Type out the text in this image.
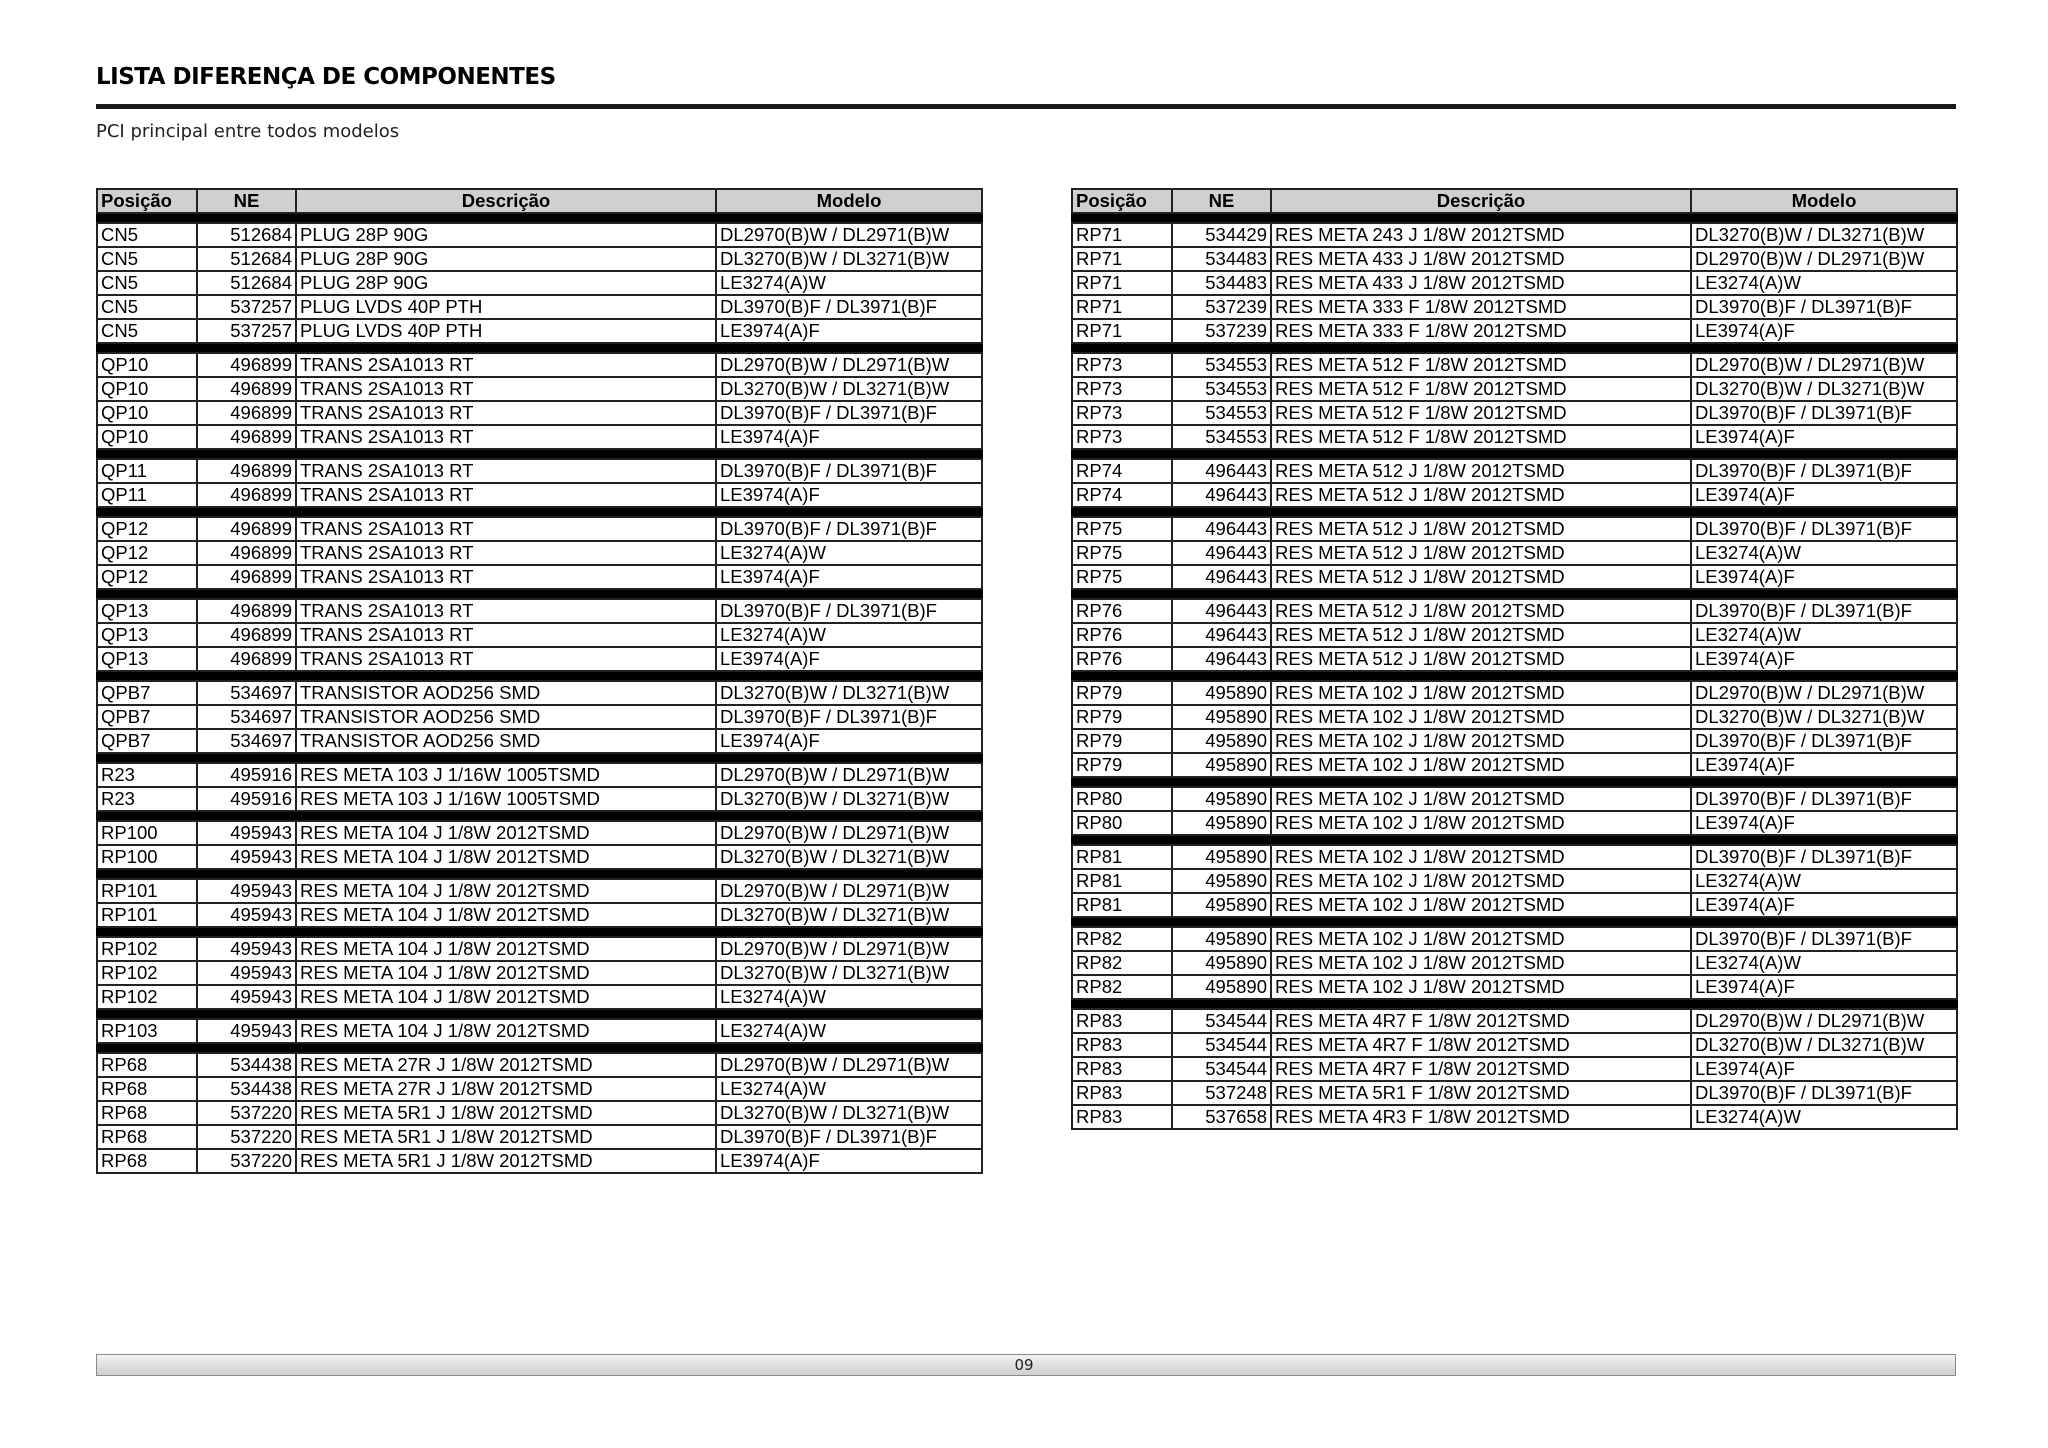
LISTA DIFERENÇA DE COMPONENTES
PCI principal entre todos modelos
Posição	NE	Descrição	Modelo

CN5	512684	PLUG 28P 90G	DL2970(B)W / DL2971(B)W
CN5	512684	PLUG 28P 90G	DL3270(B)W / DL3271(B)W
CN5	512684	PLUG 28P 90G	LE3274(A)W
CN5	537257	PLUG LVDS 40P PTH	DL3970(B)F / DL3971(B)F
CN5	537257	PLUG LVDS 40P PTH	LE3974(A)F

QP10	496899	TRANS 2SA1013 RT	DL2970(B)W / DL2971(B)W
QP10	496899	TRANS 2SA1013 RT	DL3270(B)W / DL3271(B)W
QP10	496899	TRANS 2SA1013 RT	DL3970(B)F / DL3971(B)F
QP10	496899	TRANS 2SA1013 RT	LE3974(A)F

QP11	496899	TRANS 2SA1013 RT	DL3970(B)F / DL3971(B)F
QP11	496899	TRANS 2SA1013 RT	LE3974(A)F

QP12	496899	TRANS 2SA1013 RT	DL3970(B)F / DL3971(B)F
QP12	496899	TRANS 2SA1013 RT	LE3274(A)W
QP12	496899	TRANS 2SA1013 RT	LE3974(A)F

QP13	496899	TRANS 2SA1013 RT	DL3970(B)F / DL3971(B)F
QP13	496899	TRANS 2SA1013 RT	LE3274(A)W
QP13	496899	TRANS 2SA1013 RT	LE3974(A)F

QPB7	534697	TRANSISTOR AOD256 SMD	DL3270(B)W / DL3271(B)W
QPB7	534697	TRANSISTOR AOD256 SMD	DL3970(B)F / DL3971(B)F
QPB7	534697	TRANSISTOR AOD256 SMD	LE3974(A)F

R23	495916	RES META 103 J 1/16W 1005TSMD	DL2970(B)W / DL2971(B)W
R23	495916	RES META 103 J 1/16W 1005TSMD	DL3270(B)W / DL3271(B)W

RP100	495943	RES META 104 J 1/8W 2012TSMD	DL2970(B)W / DL2971(B)W
RP100	495943	RES META 104 J 1/8W 2012TSMD	DL3270(B)W / DL3271(B)W

RP101	495943	RES META 104 J 1/8W 2012TSMD	DL2970(B)W / DL2971(B)W
RP101	495943	RES META 104 J 1/8W 2012TSMD	DL3270(B)W / DL3271(B)W

RP102	495943	RES META 104 J 1/8W 2012TSMD	DL2970(B)W / DL2971(B)W
RP102	495943	RES META 104 J 1/8W 2012TSMD	DL3270(B)W / DL3271(B)W
RP102	495943	RES META 104 J 1/8W 2012TSMD	LE3274(A)W

RP103	495943	RES META 104 J 1/8W 2012TSMD	LE3274(A)W

RP68	534438	RES META 27R J 1/8W 2012TSMD	DL2970(B)W / DL2971(B)W
RP68	534438	RES META 27R J 1/8W 2012TSMD	LE3274(A)W
RP68	537220	RES META 5R1 J 1/8W 2012TSMD	DL3270(B)W / DL3271(B)W
RP68	537220	RES META 5R1 J 1/8W 2012TSMD	DL3970(B)F / DL3971(B)F
RP68	537220	RES META 5R1 J 1/8W 2012TSMD	LE3974(A)F
Posição	NE	Descrição	Modelo

RP71	534429	RES META 243 J 1/8W 2012TSMD	DL3270(B)W / DL3271(B)W
RP71	534483	RES META 433 J 1/8W 2012TSMD	DL2970(B)W / DL2971(B)W
RP71	534483	RES META 433 J 1/8W 2012TSMD	LE3274(A)W
RP71	537239	RES META 333 F 1/8W 2012TSMD	DL3970(B)F / DL3971(B)F
RP71	537239	RES META 333 F 1/8W 2012TSMD	LE3974(A)F

RP73	534553	RES META 512 F 1/8W 2012TSMD	DL2970(B)W / DL2971(B)W
RP73	534553	RES META 512 F 1/8W 2012TSMD	DL3270(B)W / DL3271(B)W
RP73	534553	RES META 512 F 1/8W 2012TSMD	DL3970(B)F / DL3971(B)F
RP73	534553	RES META 512 F 1/8W 2012TSMD	LE3974(A)F

RP74	496443	RES META 512 J 1/8W 2012TSMD	DL3970(B)F / DL3971(B)F
RP74	496443	RES META 512 J 1/8W 2012TSMD	LE3974(A)F

RP75	496443	RES META 512 J 1/8W 2012TSMD	DL3970(B)F / DL3971(B)F
RP75	496443	RES META 512 J 1/8W 2012TSMD	LE3274(A)W
RP75	496443	RES META 512 J 1/8W 2012TSMD	LE3974(A)F

RP76	496443	RES META 512 J 1/8W 2012TSMD	DL3970(B)F / DL3971(B)F
RP76	496443	RES META 512 J 1/8W 2012TSMD	LE3274(A)W
RP76	496443	RES META 512 J 1/8W 2012TSMD	LE3974(A)F

RP79	495890	RES META 102 J 1/8W 2012TSMD	DL2970(B)W / DL2971(B)W
RP79	495890	RES META 102 J 1/8W 2012TSMD	DL3270(B)W / DL3271(B)W
RP79	495890	RES META 102 J 1/8W 2012TSMD	DL3970(B)F / DL3971(B)F
RP79	495890	RES META 102 J 1/8W 2012TSMD	LE3974(A)F

RP80	495890	RES META 102 J 1/8W 2012TSMD	DL3970(B)F / DL3971(B)F
RP80	495890	RES META 102 J 1/8W 2012TSMD	LE3974(A)F

RP81	495890	RES META 102 J 1/8W 2012TSMD	DL3970(B)F / DL3971(B)F
RP81	495890	RES META 102 J 1/8W 2012TSMD	LE3274(A)W
RP81	495890	RES META 102 J 1/8W 2012TSMD	LE3974(A)F

RP82	495890	RES META 102 J 1/8W 2012TSMD	DL3970(B)F / DL3971(B)F
RP82	495890	RES META 102 J 1/8W 2012TSMD	LE3274(A)W
RP82	495890	RES META 102 J 1/8W 2012TSMD	LE3974(A)F

RP83	534544	RES META 4R7 F 1/8W 2012TSMD	DL2970(B)W / DL2971(B)W
RP83	534544	RES META 4R7 F 1/8W 2012TSMD	DL3270(B)W / DL3271(B)W
RP83	534544	RES META 4R7 F 1/8W 2012TSMD	LE3974(A)F
RP83	537248	RES META 5R1 F 1/8W 2012TSMD	DL3970(B)F / DL3971(B)F
RP83	537658	RES META 4R3 F 1/8W 2012TSMD	LE3274(A)W
09
